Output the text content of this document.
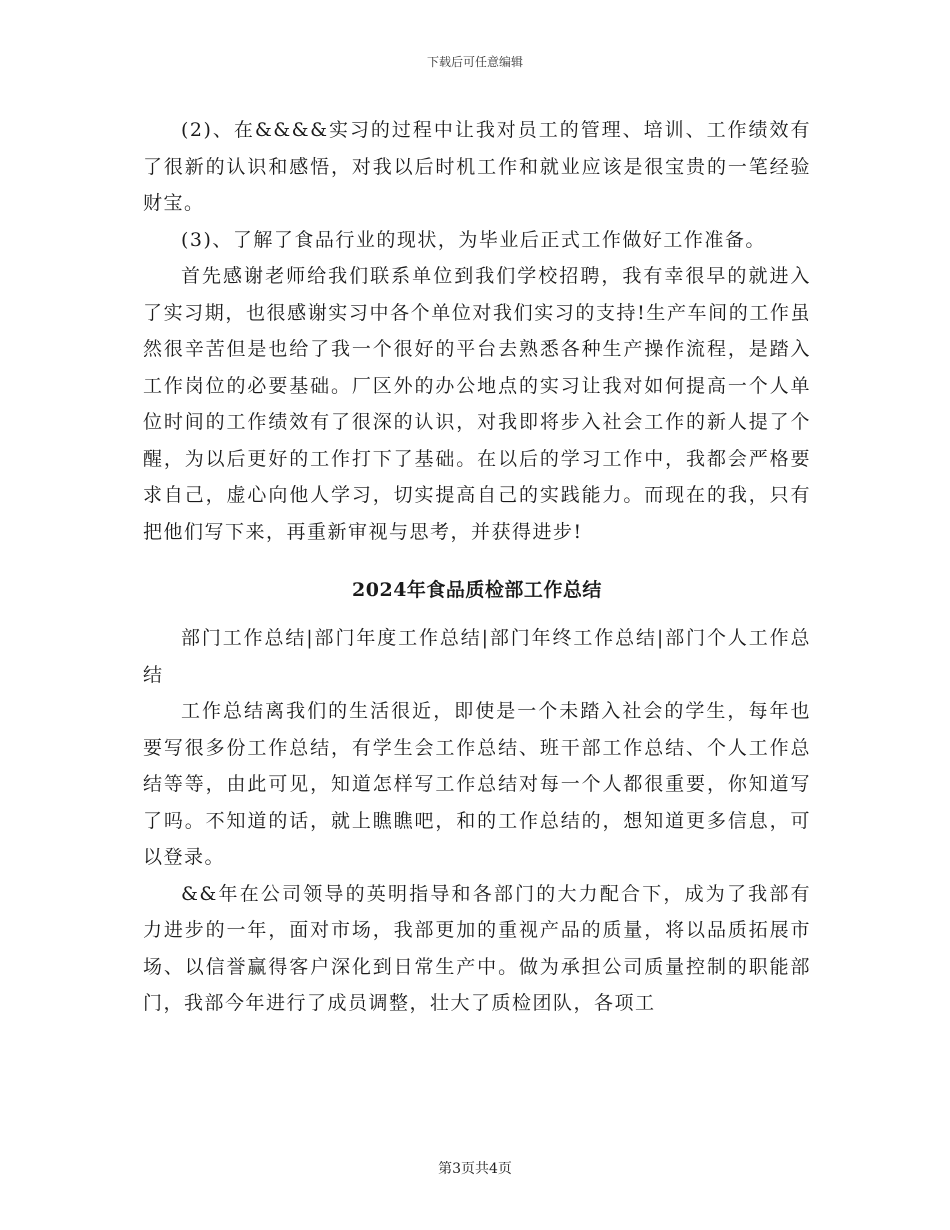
下载后可任意编辑

(2)、在&&&&实习的过程中让我对员工的管理、培训、工作绩效有了很新的认识和感悟，对我以后时机工作和就业应该是很宝贵的一笔经验财宝。

(3)、了解了食品行业的现状，为毕业后正式工作做好工作准备。

首先感谢老师给我们联系单位到我们学校招聘，我有幸很早的就进入了实习期，也很感谢实习中各个单位对我们实习的支持!生产车间的工作虽然很辛苦但是也给了我一个很好的平台去熟悉各种生产操作流程，是踏入工作岗位的必要基础。厂区外的办公地点的实习让我对如何提高一个人单位时间的工作绩效有了很深的认识，对我即将步入社会工作的新人提了个醒，为以后更好的工作打下了基础。在以后的学习工作中，我都会严格要求自己，虚心向他人学习，切实提高自己的实践能力。而现在的我，只有把他们写下来，再重新审视与思考，并获得进步!

2024年食品质检部工作总结

部门工作总结|部门年度工作总结|部门年终工作总结|部门个人工作总结

工作总结离我们的生活很近，即使是一个未踏入社会的学生，每年也要写很多份工作总结，有学生会工作总结、班干部工作总结、个人工作总结等等，由此可见，知道怎样写工作总结对每一个人都很重要，你知道写了吗。不知道的话，就上瞧瞧吧，和的工作总结的，想知道更多信息，可以登录。

&&年在公司领导的英明指导和各部门的大力配合下，成为了我部有力进步的一年，面对市场，我部更加的重视产品的质量，将以品质拓展市场、以信誉赢得客户深化到日常生产中。做为承担公司质量控制的职能部门，我部今年进行了成员调整，壮大了质检团队，各项工

第3页共4页
